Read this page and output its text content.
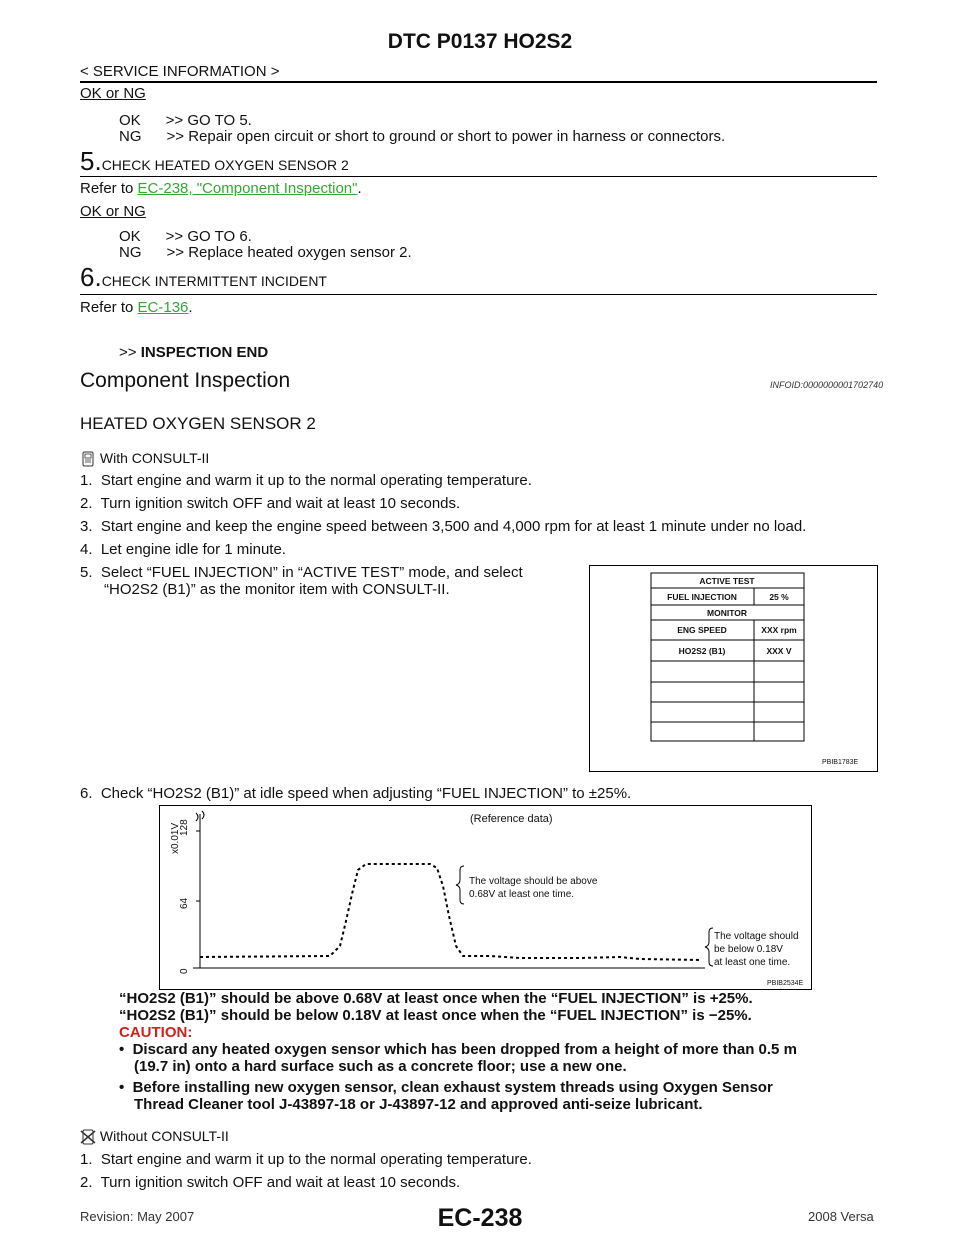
DTC P0137 HO2S2
< SERVICE INFORMATION >
OK or NG
OK      >> GO TO 5.
NG      >> Repair open circuit or short to ground or short to power in harness or connectors.
5.CHECK HEATED OXYGEN SENSOR 2
Refer to EC-238, "Component Inspection".
OK or NG
OK      >> GO TO 6.
NG      >> Replace heated oxygen sensor 2.
6.CHECK INTERMITTENT INCIDENT
Refer to EC-136.
>> INSPECTION END
Component Inspection	INFOID:0000000001702740
HEATED OXYGEN SENSOR 2
With CONSULT-II
1.  Start engine and warm it up to the normal operating temperature.
2.  Turn ignition switch OFF and wait at least 10 seconds.
3.  Start engine and keep the engine speed between 3,500 and 4,000 rpm for at least 1 minute under no load.
4.  Let engine idle for 1 minute.
5.  Select “FUEL INJECTION” in “ACTIVE TEST” mode, and select
“HO2S2 (B1)” as the monitor item with CONSULT-II.	ACTIVE TEST
FUEL INJECTION	25 %
MONITOR
ENG SPEED	XXX rpm
HO2S2 (B1)	XXX V
PBIB1783E
6.  Check “HO2S2 (B1)” at idle speed when adjusting “FUEL INJECTION” to ±25%.
x0.01V
128
64
0
(Reference data)
The voltage should be above
0.68V at least one time.
The voltage should
be below 0.18V
at least one time.
PBIB2534E
“HO2S2 (B1)” should be above 0.68V at least once when the “FUEL INJECTION” is +25%.
“HO2S2 (B1)” should be below 0.18V at least once when the “FUEL INJECTION” is −25%.
CAUTION:
•  Discard any heated oxygen sensor which has been dropped from a height of more than 0.5 m
(19.7 in) onto a hard surface such as a concrete floor; use a new one.
•  Before installing new oxygen sensor, clean exhaust system threads using Oxygen Sensor
Thread Cleaner tool J-43897-18 or J-43897-12 and approved anti-seize lubricant.
Without CONSULT-II
1.  Start engine and warm it up to the normal operating temperature.
2.  Turn ignition switch OFF and wait at least 10 seconds.
Revision: May 2007	EC-238	2008 Versa
